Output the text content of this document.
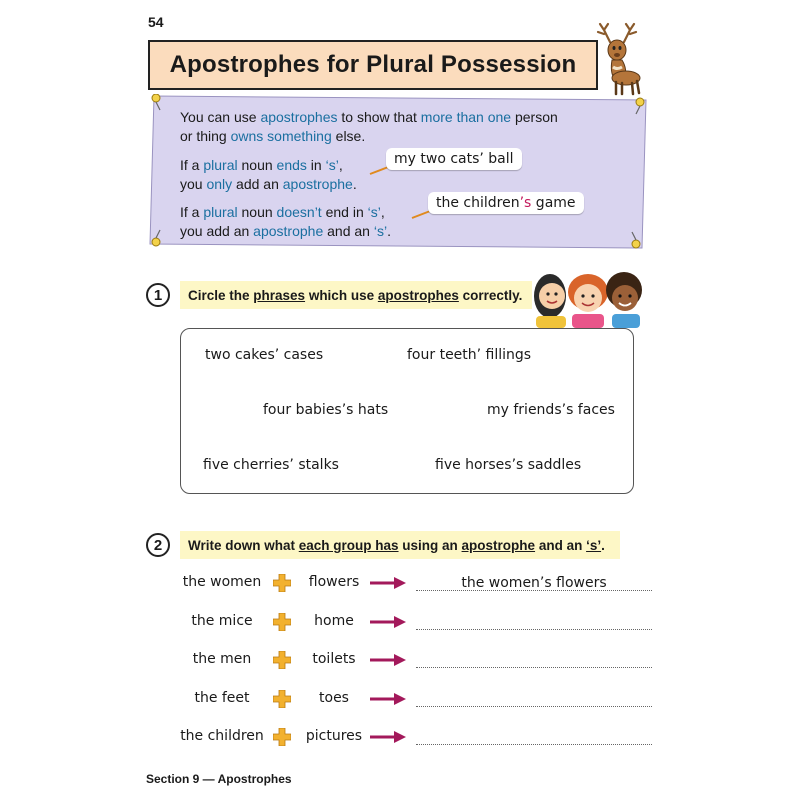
54
Apostrophes for Plural Possession
You can use apostrophes to show that more than one person
or thing owns something else.
If a plural noun ends in ‘s’,
you only add an apostrophe.
If a plural noun doesn’t end in ‘s’,
you add an apostrophe and an ‘s’.
my two cats’ ball
the children’s game
1	Circle the phrases which use apostrophes correctly.
two cakes’ cases	four teeth’ fillings
four babies’s hats	my friends’s faces
five cherries’ stalks	five horses’s saddles
2	Write down what each group has using an apostrophe and an ‘s’ .
the women	flowers	the women’s flowers
the mice	home
the men	toilets
the feet	toes
the children	pictures
Section 9 — Apostrophes
